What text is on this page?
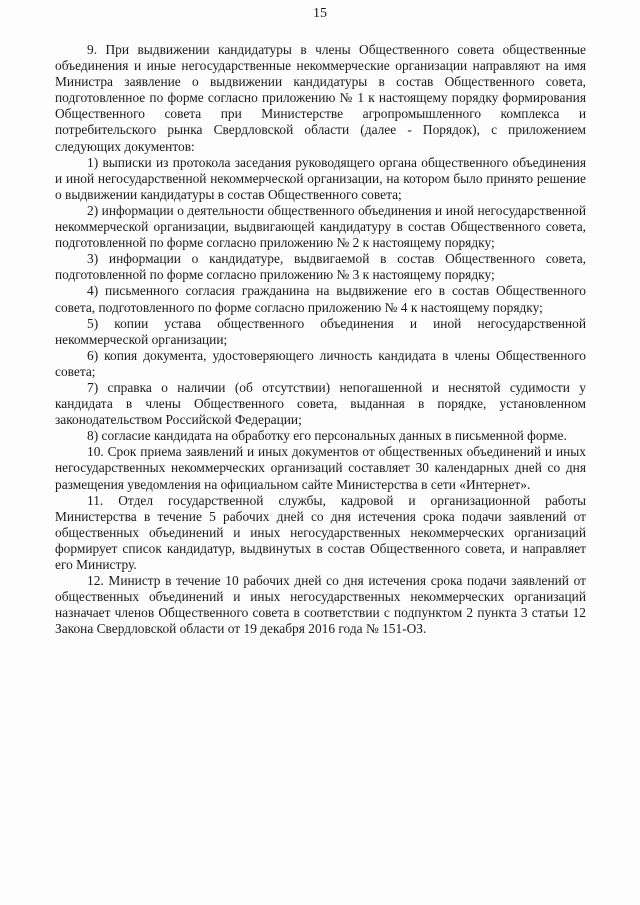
15

9. При выдвижении кандидатуры в члены Общественного совета общественные объединения и иные негосударственные некоммерческие организации направляют на имя Министра заявление о выдвижении кандидатуры в состав Общественного совета, подготовленное по форме согласно приложению № 1 к настоящему порядку формирования Общественного совета при Министерстве агропромышленного комплекса и потребительского рынка Свердловской области (далее - Порядок), с приложением следующих документов:

1) выписки из протокола заседания руководящего органа общественного объединения и иной негосударственной некоммерческой организации, на котором было принято решение о выдвижении кандидатуры в состав Общественного совета;

2) информации о деятельности общественного объединения и иной негосударственной некоммерческой организации, выдвигающей кандидатуру в состав Общественного совета, подготовленной по форме согласно приложению № 2 к настоящему порядку;

3) информации о кандидатуре, выдвигаемой в состав Общественного совета, подготовленной по форме согласно приложению № 3 к настоящему порядку;

4) письменного согласия гражданина на выдвижение его в состав Общественного совета, подготовленного по форме согласно приложению № 4 к настоящему порядку;

5) копии устава общественного объединения и иной негосударственной некоммерческой организации;

6) копия документа, удостоверяющего личность кандидата в члены Общественного совета;

7) справка о наличии (об отсутствии) непогашенной и неснятой судимости у кандидата в члены Общественного совета, выданная в порядке, установленном законодательством Российской Федерации;

8) согласие кандидата на обработку его персональных данных в письменной форме.

10. Срок приема заявлений и иных документов от общественных объединений и иных негосударственных некоммерческих организаций составляет 30 календарных дней со дня размещения уведомления на официальном сайте Министерства в сети «Интернет».

11. Отдел государственной службы, кадровой и организационной работы Министерства в течение 5 рабочих дней со дня истечения срока подачи заявлений от общественных объединений и иных негосударственных некоммерческих организаций формирует список кандидатур, выдвинутых в состав Общественного совета, и направляет его Министру.

12. Министр в течение 10 рабочих дней со дня истечения срока подачи заявлений от общественных объединений и иных негосударственных некоммерческих организаций назначает членов Общественного совета в соответствии с подпунктом 2 пункта 3 статьи 12 Закона Свердловской области от 19 декабря 2016 года № 151-ОЗ.
